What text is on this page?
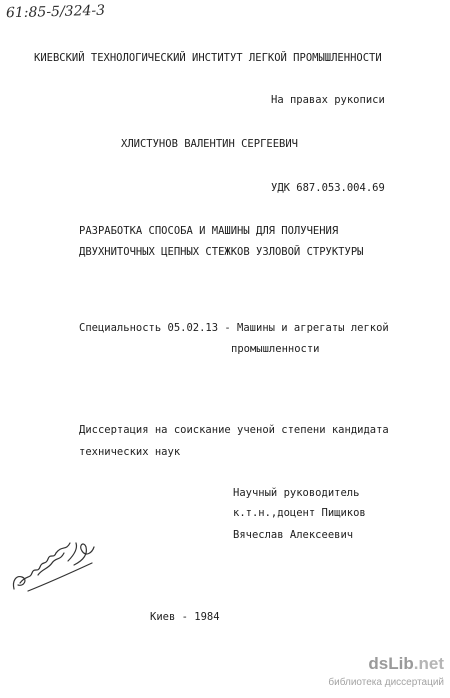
61:85-5/324-3
КИЕВСКИЙ ТЕХНОЛОГИЧЕСКИЙ ИНСТИТУТ ЛЕГКОЙ ПРОМЫШЛЕННОСТИ
На правах рукописи
ХЛИСТУНОВ ВАЛЕНТИН СЕРГЕЕВИЧ
УДК 687.053.004.69
РАЗРАБОТКА СПОСОБА И МАШИНЫ ДЛЯ ПОЛУЧЕНИЯ
ДВУХНИТОЧНЫХ ЦЕПНЫХ СТЕЖКОВ УЗЛОВОЙ СТРУКТУРЫ
Специальность 05.02.13 - Машины и агрегаты легкой
промышленности
Диссертация на соискание ученой степени кандидата
технических наук
Научный руководитель
к.т.н.,доцент Пищиков
Вячеслав Алексеевич
Киев - 1984
dsLib.net
библиотека диссертаций
